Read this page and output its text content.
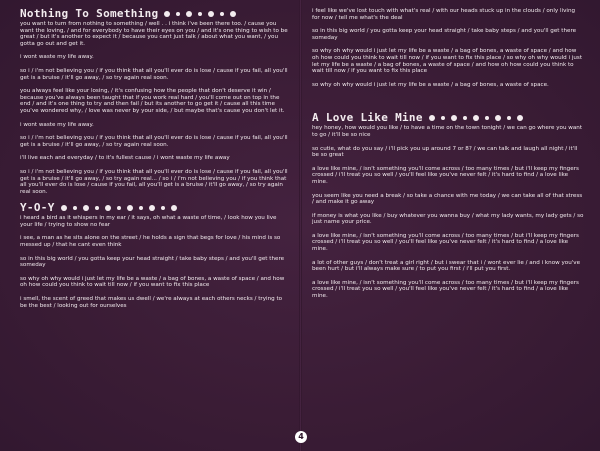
Nothing To Something

you want to turn from nothing to something / well . . i think i've been there too. / cause you want the loving, / and for everybody to have their eyes on you / and it's one thing to wish to be great / but it's another to expect it / because you cant just talk / about what you want, / you gotta go out and get it.

i wont waste my life away.

so i / i'm not believing you / if you think that all you'll ever do is lose / cause if you fail, all you'll get is a bruise / it'll go away, / so try again real soon.

you always feel like your losing, / it's confusing how the people that don't deserve it win / because you've always been taught that if you work real hard / you'll come out on top in the end / and it's one thing to try and then fail / but its another to go get it / cause all this time you've wondered why, / love was never by your side, / but maybe that's cause you don't let it.

i wont waste my life away.

so i / i'm not believing you / if you think that all you'll ever do is lose / cause if you fail, all you'll get is a bruise / it'll go away, / so try again real soon.

i'll live each and everyday / to it's fullest cause / i wont waste my life away

so i / i'm not believing you / if you think that all you'll ever do is lose / cause if you fail, all you'll get is a bruise / it'll go away, / so try again real... / so i / i'm not believing you / if you think that all you'll ever do is lose / cause if you fail, all you'll get is a bruise / it'll go away, / so try again real soon.

Y-O-Y

i heard a bird as it whispers in my ear / it says, oh what a waste of time, / look how you live your life / trying to show no fear

i see, a man as he sits alone on the street / he holds a sign that begs for love / his mind is so messed up / that he cant even think

so in this big world / you gotta keep your head straight / take baby steps / and you'll get there someday

so why oh why would i just let my life be a waste / a bag of bones, a waste of space / and how oh how could you think to wait till now / if you want to fix this place

i smell, the scent of greed that makes us dwell / we're always at each others necks / trying to be the best / looking out for ourselves

i feel like we've lost touch with what's real / with our heads stuck up in the clouds / only living for now / tell me what's the deal

so in this big world / you gotta keep your head straight / take baby steps / and you'll get there someday

so why oh why would i just let my life be a waste / a bag of bones, a waste of space / and how oh how could you think to wait till now / if you want to fix this place / so why oh why would i just let my life be a waste / a bag of bones, a waste of space / and how oh how could you think to wait till now / if you want to fix this place

so why oh why would i just let my life be a waste / a bag of bones, a waste of space.

A Love Like Mine

hey honey, how would you like / to have a time on the town tonight / we can go where you want to go / it'll be so nice

so cutie, what do you say / i'll pick you up around 7 or 8? / we can talk and laugh all night / it'll be so great

a love like mine, / isn't something you'll come across / too many times / but i'll keep my fingers crossed / i'll treat you so well / you'll feel like you've never felt / it's hard to find / a love like mine.

you seem like you need a break / so take a chance with me today / we can take all of that stress / and make it go away

if money is what you like / buy whatever you wanna buy / what my lady wants, my lady gets / so just name your price.

a love like mine, / isn't something you'll come across / too many times / but i'll keep my fingers crossed / i'll treat you so well / you'll feel like you've never felt / it's hard to find / a love like mine.

a lot of other guys / don't treat a girl right / but i swear that i / wont ever lie / and i know you've been hurt / but i'll always make sure / to put you first / i'll put you first.

a love like mine, / isn't something you'll come across / too many times / but i'll keep my fingers crossed / i'll treat you so well / you'll feel like you've never felt / it's hard to find / a love like mine.

4
